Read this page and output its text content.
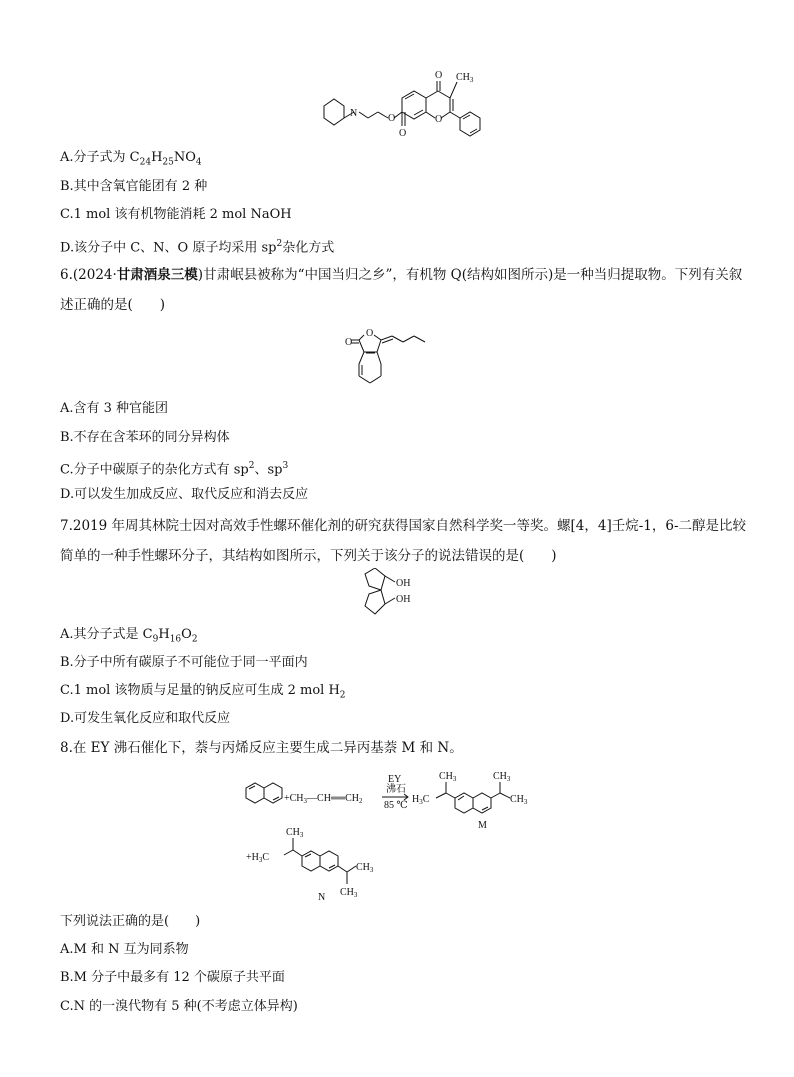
N	O
O
O
O
$CH_3$
A.分子式为 $C_{24}H_{25}NO_4$
B.其中含氧官能团有 2 种
C.1 mol 该有机物能消耗 2 mol NaOH
D.该分子中 C、N、O 原子均采用 $sp^2$杂化方式
6.(2024·甘肃酒泉三模)甘肃岷县被称为“中国当归之乡”，有机物 Q(结构如图所示)是一种当归提取物。下列有关叙述正确的是(　　)
O
O
A.含有 3 种官能团
B.不存在含苯环的同分异构体
C.分子中碳原子的杂化方式有 $sp^2$、$sp^3$
D.可以发生加成反应、取代反应和消去反应
7.2019 年周其林院士因对高效手性螺环催化剂的研究获得国家自然科学奖一等奖。螺[4，4]壬烷-1，6-二醇是比较简单的一种手性螺环分子，其结构如图所示，下列关于该分子的说法错误的是(　　)
OH
OH
A.其分子式是 $C_9H_{16}O_2$
B.分子中所有碳原子不可能位于同一平面内
C.1 mol 该物质与足量的钠反应可生成 2 mol $H_2$
D.可发生氧化反应和取代反应
8.在 EY 沸石催化下，萘与丙烯反应主要生成二异丙基萘 M 和 N。
$+CH_3—CH══CH_2$
EY
沸石
85 ℃
$H_3C$
$CH_3$	$CH_3$
$CH_3$
M
$+H_3C$
$CH_3$
$CH_3$
$CH_3$
N
下列说法正确的是(　　)
A.M 和 N 互为同系物
B.M 分子中最多有 12 个碳原子共平面
C.N 的一溴代物有 5 种(不考虑立体异构)
